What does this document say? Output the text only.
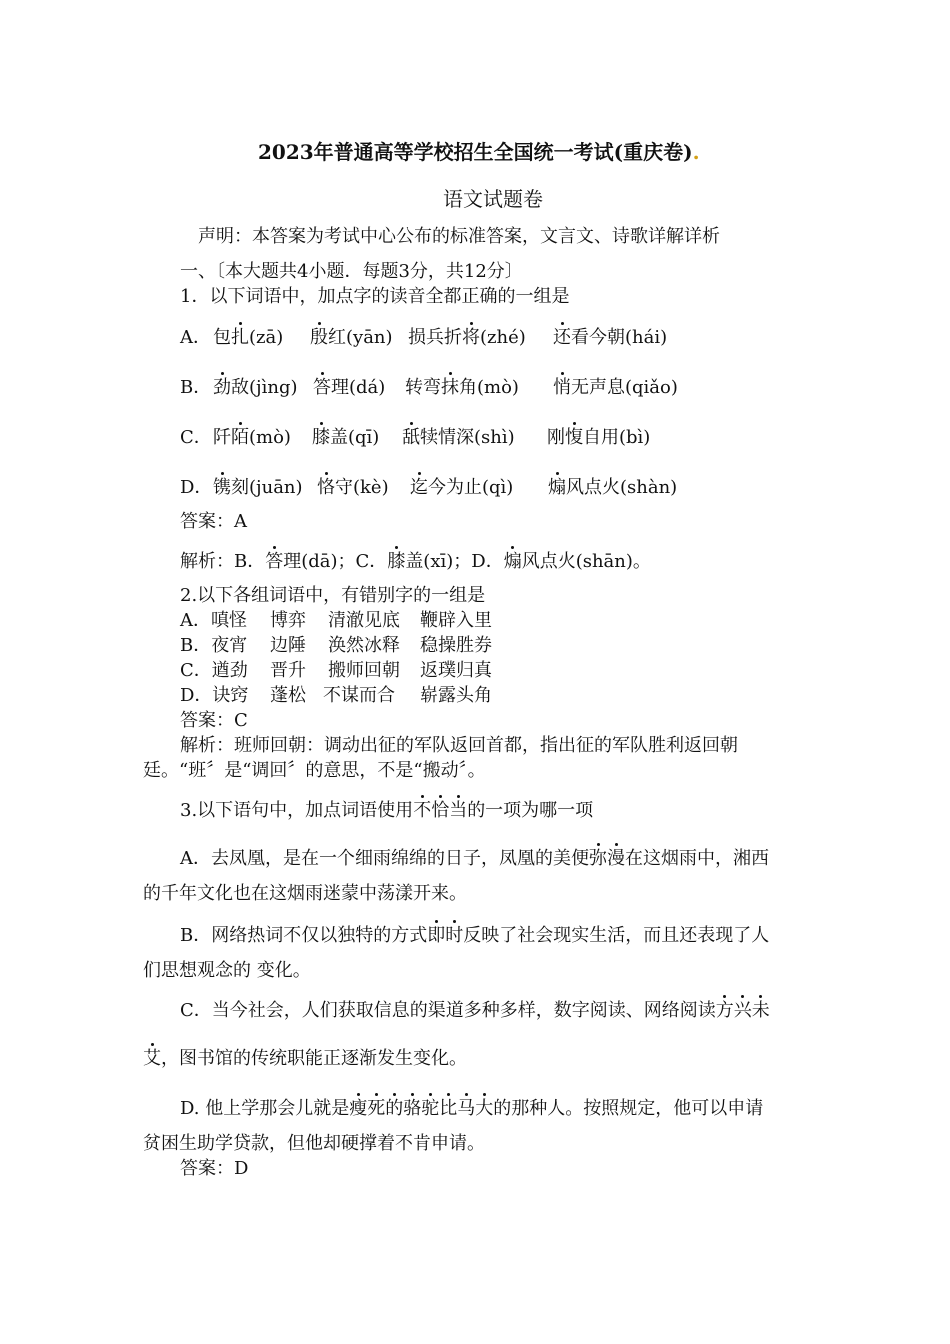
2023年普通高等学校招生全国统一考试(重庆卷).
语文试题卷
声明：本答案为考试中心公布的标准答案，文言文、诗歌详解详析
一、〔本大题共4小题．每题3分，共12分〕
1．以下词语中，加点字的读音全都正确的一组是
A． 包扎(zā) 殷红(yān) 损兵折将(zhé) 还看今朝(hái)
B． 劲敌(jìng) 答理(dá) 转弯抹角(mò) 悄无声息(qiǎo)
C． 阡陌(mò) 膝盖(qī) 舐犊情深(shì) 刚愎自用(bì)
D． 镌刻(juān) 恪守(kè) 迄今为止(qì) 煽风点火(shàn)
答案：A
解析：B．答理(dā)；C．膝盖(xī)；D．煽风点火(shān)。
2.以下各组词语中，有错别字的一组是
A．嗔怪 博弈 清澈见底 鞭辟入里
B．夜宵 边陲 涣然冰释 稳操胜券
C．遒劲 晋升 搬师回朝 返璞归真
D．诀窍 蓬松 不谋而合 崭露头角
答案：C
解析：班师回朝：调动出征的军队返回首都，指出征的军队胜利返回朝
廷。“班〞是“调回〞的意思，不是“搬动〞。
3.以下语句中，加点词语使用不恰当的一项为哪一项
A．去凤凰，是在一个细雨绵绵的日子，凤凰的美便弥漫在这烟雨中，湘西
的千年文化也在这烟雨迷蒙中荡漾开来。
B．网络热词不仅以独特的方式即时反映了社会现实生活，而且还表现了人
们思想观念的 变化。
C．当今社会，人们获取信息的渠道多种多样，数字阅读、网络阅读方兴未
艾，图书馆的传统职能正逐渐发生变化。
D. 他上学那会儿就是瘦死的骆驼比马大的那种人。按照规定，他可以申请
贫困生助学贷款，但他却硬撑着不肯申请。
答案：D
